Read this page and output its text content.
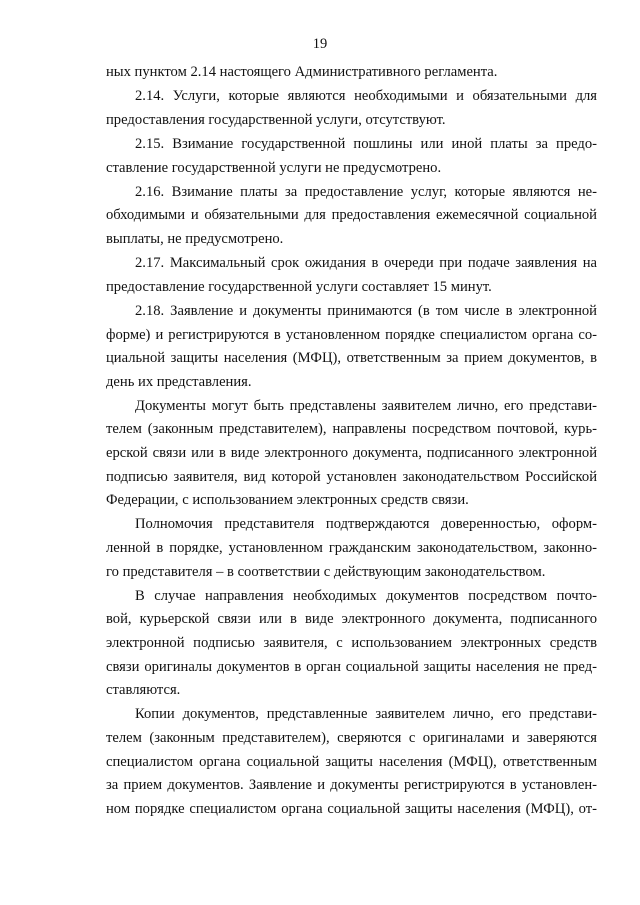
19
ных пунктом 2.14 настоящего Административного регламента.
2.14. Услуги, которые являются необходимыми и обязательными для
предоставления государственной услуги, отсутствуют.
2.15. Взимание государственной пошлины или иной платы за предо-
ставление государственной услуги не предусмотрено.
2.16. Взимание платы за предоставление услуг, которые являются не-
обходимыми и обязательными для предоставления ежемесячной социальной
выплаты, не предусмотрено.
2.17. Максимальный срок ожидания в очереди при подаче заявления на
предоставление государственной услуги составляет 15 минут.
2.18. Заявление и документы принимаются (в том числе в электронной
форме) и регистрируются в установленном порядке специалистом органа со-
циальной защиты населения (МФЦ), ответственным за прием документов, в
день их представления.
Документы могут быть представлены заявителем лично, его представи-
телем (законным представителем), направлены посредством почтовой, курь-
ерской связи или в виде электронного документа, подписанного электронной
подписью заявителя, вид которой установлен законодательством Российской
Федерации, с использованием электронных средств связи.
Полномочия представителя подтверждаются доверенностью, оформ-
ленной в порядке, установленном гражданским законодательством, законно-
го представителя – в соответствии с действующим законодательством.
В случае направления необходимых документов посредством почто-
вой, курьерской связи или в виде электронного документа, подписанного
электронной подписью заявителя, с использованием электронных средств
связи оригиналы документов в орган социальной защиты населения не пред-
ставляются.
Копии документов, представленные заявителем лично, его представи-
телем (законным представителем), сверяются с оригиналами и заверяются
специалистом органа социальной защиты населения (МФЦ), ответственным
за прием документов. Заявление и документы регистрируются в установлен-
ном порядке специалистом органа социальной защиты населения (МФЦ), от-
